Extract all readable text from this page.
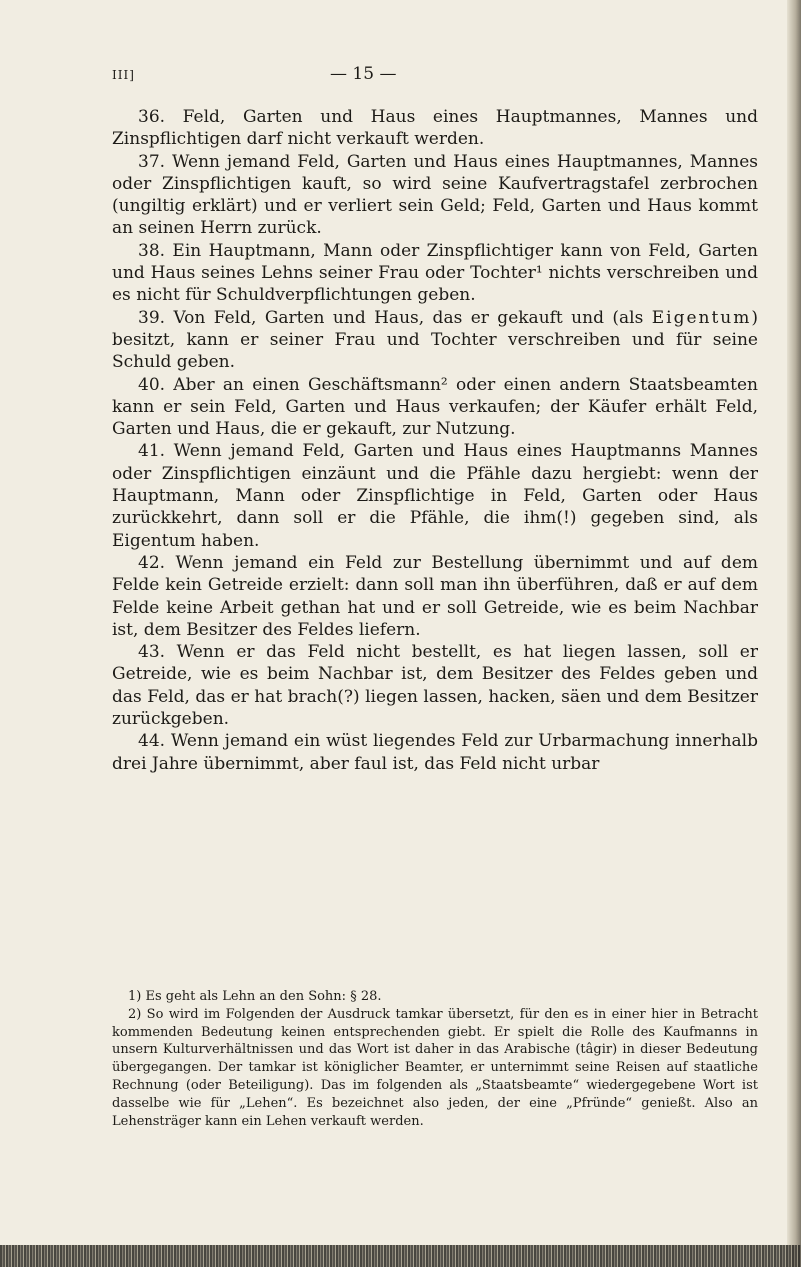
III]	— 15 —

36. Feld, Garten und Haus eines Hauptmannes, Mannes und Zinspflichtigen darf nicht verkauft werden.

37. Wenn jemand Feld, Garten und Haus eines Hauptmannes, Mannes oder Zinspflichtigen kauft, so wird seine Kaufvertragstafel zerbrochen (ungiltig erklärt) und er verliert sein Geld; Feld, Garten und Haus kommt an seinen Herrn zurück.

38. Ein Hauptmann, Mann oder Zinspflichtiger kann von Feld, Garten und Haus seines Lehns seiner Frau oder Tochter¹ nichts verschreiben und es nicht für Schuldverpflichtungen geben.

39. Von Feld, Garten und Haus, das er gekauft und (als Eigentum) besitzt, kann er seiner Frau und Tochter verschreiben und für seine Schuld geben.

40. Aber an einen Geschäftsmann² oder einen andern Staatsbeamten kann er sein Feld, Garten und Haus verkaufen; der Käufer erhält Feld, Garten und Haus, die er gekauft, zur Nutzung.

41. Wenn jemand Feld, Garten und Haus eines Hauptmanns Mannes oder Zinspflichtigen einzäunt und die Pfähle dazu hergiebt: wenn der Hauptmann, Mann oder Zinspflichtige in Feld, Garten oder Haus zurückkehrt, dann soll er die Pfähle, die ihm(!) gegeben sind, als Eigentum haben.

42. Wenn jemand ein Feld zur Bestellung übernimmt und auf dem Felde kein Getreide erzielt: dann soll man ihn überführen, daß er auf dem Felde keine Arbeit gethan hat und er soll Getreide, wie es beim Nachbar ist, dem Besitzer des Feldes liefern.

43. Wenn er das Feld nicht bestellt, es hat liegen lassen, soll er Getreide, wie es beim Nachbar ist, dem Besitzer des Feldes geben und das Feld, das er hat brach(?) liegen lassen, hacken, säen und dem Besitzer zurückgeben.

44. Wenn jemand ein wüst liegendes Feld zur Urbarmachung innerhalb drei Jahre übernimmt, aber faul ist, das Feld nicht urbar

1) Es geht als Lehn an den Sohn: § 28.

2) So wird im Folgenden der Ausdruck tamkar übersetzt, für den es in einer hier in Betracht kommenden Bedeutung keinen entsprechenden giebt. Er spielt die Rolle des Kaufmanns in unsern Kulturverhältnissen und das Wort ist daher in das Arabische (tâgir) in dieser Bedeutung übergegangen. Der tamkar ist königlicher Beamter, er unternimmt seine Reisen auf staatliche Rechnung (oder Beteiligung). Das im folgenden als „Staatsbeamte“ wiedergegebene Wort ist dasselbe wie für „Lehen“. Es bezeichnet also jeden, der eine „Pfründe“ genießt. Also an Lehensträger kann ein Lehen verkauft werden.
